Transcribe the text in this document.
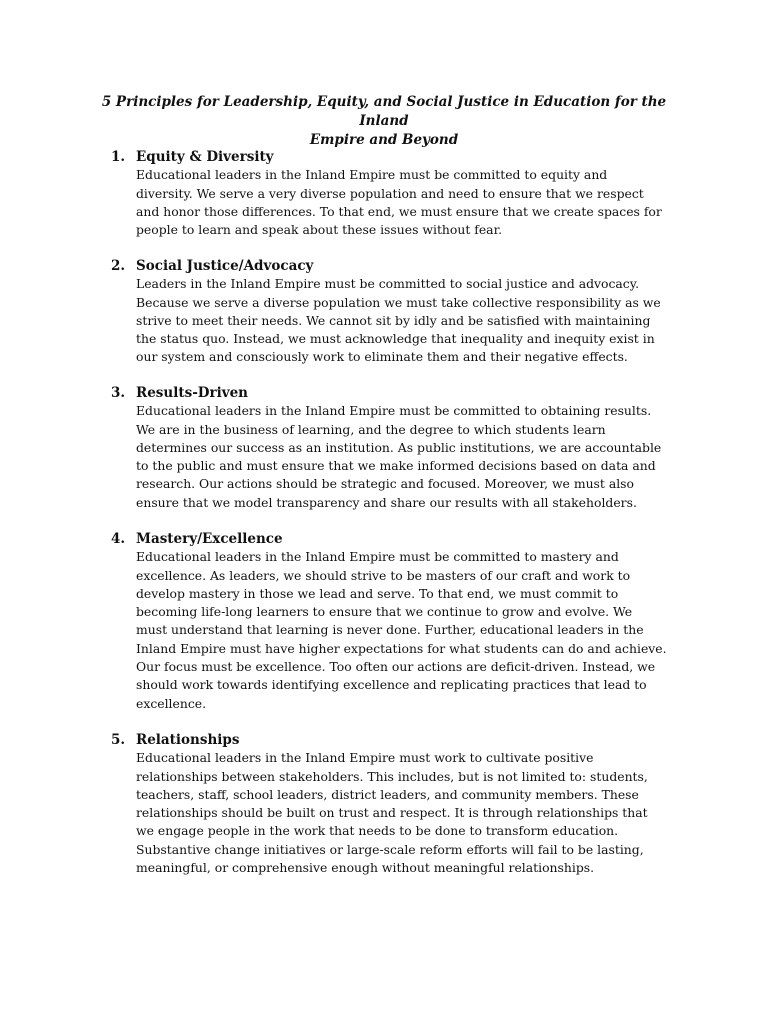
5 Principles for Leadership, Equity, and Social Justice in Education for the Inland
Empire and Beyond
1. Equity & Diversity
Educational leaders in the Inland Empire must be committed to equity and
diversity. We serve a very diverse population and need to ensure that we respect
and honor those differences. To that end, we must ensure that we create spaces for
people to learn and speak about these issues without fear.
2. Social Justice/Advocacy
Leaders in the Inland Empire must be committed to social justice and advocacy.
Because we serve a diverse population we must take collective responsibility as we
strive to meet their needs. We cannot sit by idly and be satisfied with maintaining
the status quo. Instead, we must acknowledge that inequality and inequity exist in
our system and consciously work to eliminate them and their negative effects.
3. Results-Driven
Educational leaders in the Inland Empire must be committed to obtaining results.
We are in the business of learning, and the degree to which students learn
determines our success as an institution. As public institutions, we are accountable
to the public and must ensure that we make informed decisions based on data and
research. Our actions should be strategic and focused. Moreover, we must also
ensure that we model transparency and share our results with all stakeholders.
4. Mastery/Excellence
Educational leaders in the Inland Empire must be committed to mastery and
excellence. As leaders, we should strive to be masters of our craft and work to
develop mastery in those we lead and serve. To that end, we must commit to
becoming life-long learners to ensure that we continue to grow and evolve. We
must understand that learning is never done. Further, educational leaders in the
Inland Empire must have higher expectations for what students can do and achieve.
Our focus must be excellence. Too often our actions are deficit-driven. Instead, we
should work towards identifying excellence and replicating practices that lead to
excellence.
5. Relationships
Educational leaders in the Inland Empire must work to cultivate positive
relationships between stakeholders. This includes, but is not limited to: students,
teachers, staff, school leaders, district leaders, and community members. These
relationships should be built on trust and respect. It is through relationships that
we engage people in the work that needs to be done to transform education.
Substantive change initiatives or large-scale reform efforts will fail to be lasting,
meaningful, or comprehensive enough without meaningful relationships.
